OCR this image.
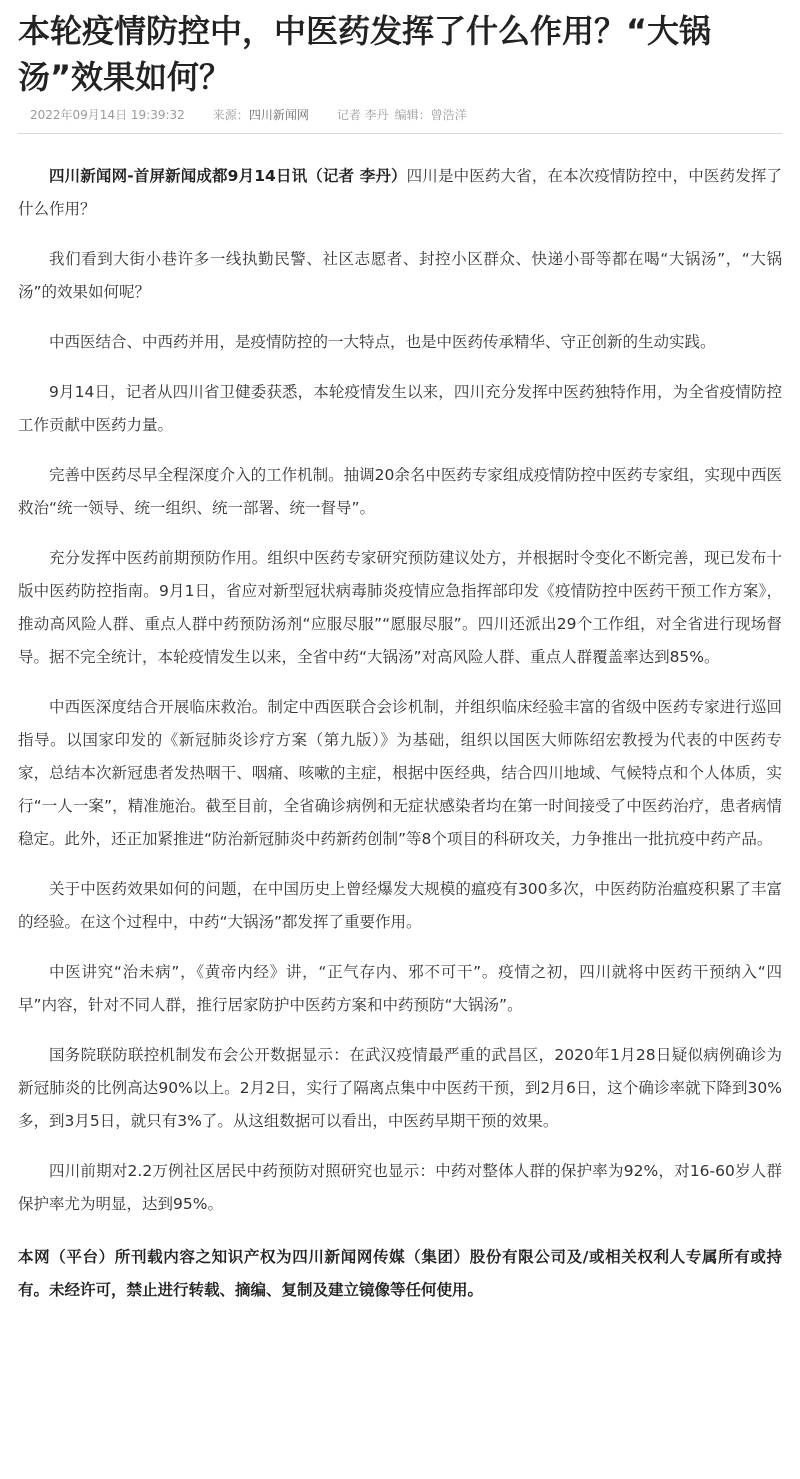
本轮疫情防控中，中医药发挥了什么作用？“大锅汤”效果如何？
2022年09月14日 19:39:32 来源：四川新闻网 记者 李丹 编辑：曾浩洋

四川新闻网-首屏新闻成都9月14日讯（记者 李丹）四川是中医药大省，在本次疫情防控中，中医药发挥了什么作用？

我们看到大街小巷许多一线执勤民警、社区志愿者、封控小区群众、快递小哥等都在喝“大锅汤”，“大锅汤”的效果如何呢？

中西医结合、中西药并用，是疫情防控的一大特点，也是中医药传承精华、守正创新的生动实践。

9月14日，记者从四川省卫健委获悉，本轮疫情发生以来，四川充分发挥中医药独特作用，为全省疫情防控工作贡献中医药力量。

完善中医药尽早全程深度介入的工作机制。抽调20余名中医药专家组成疫情防控中医药专家组，实现中西医救治“统一领导、统一组织、统一部署、统一督导”。

充分发挥中医药前期预防作用。组织中医药专家研究预防建议处方，并根据时令变化不断完善，现已发布十版中医药防控指南。9月1日，省应对新型冠状病毒肺炎疫情应急指挥部印发《疫情防控中医药干预工作方案》，推动高风险人群、重点人群中药预防汤剂“应服尽服”“愿服尽服”。四川还派出29个工作组，对全省进行现场督导。据不完全统计，本轮疫情发生以来，全省中药“大锅汤”对高风险人群、重点人群覆盖率达到85%。

中西医深度结合开展临床救治。制定中西医联合会诊机制，并组织临床经验丰富的省级中医药专家进行巡回指导。以国家印发的《新冠肺炎诊疗方案（第九版）》为基础，组织以国医大师陈绍宏教授为代表的中医药专家，总结本次新冠患者发热咽干、咽痛、咳嗽的主症，根据中医经典，结合四川地域、气候特点和个人体质，实行“一人一案”，精准施治。截至目前，全省确诊病例和无症状感染者均在第一时间接受了中医药治疗，患者病情稳定。此外，还正加紧推进“防治新冠肺炎中药新药创制”等8个项目的科研攻关，力争推出一批抗疫中药产品。

关于中医药效果如何的问题，在中国历史上曾经爆发大规模的瘟疫有300多次，中医药防治瘟疫积累了丰富的经验。在这个过程中，中药“大锅汤”都发挥了重要作用。

中医讲究“治未病”，《黄帝内经》讲，“正气存内、邪不可干”。疫情之初，四川就将中医药干预纳入“四早”内容，针对不同人群，推行居家防护中医药方案和中药预防“大锅汤”。

国务院联防联控机制发布会公开数据显示：在武汉疫情最严重的武昌区，2020年1月28日疑似病例确诊为新冠肺炎的比例高达90%以上。2月2日，实行了隔离点集中中医药干预，到2月6日，这个确诊率就下降到30%多，到3月5日，就只有3%了。从这组数据可以看出，中医药早期干预的效果。

四川前期对2.2万例社区居民中药预防对照研究也显示：中药对整体人群的保护率为92%，对16-60岁人群保护率尤为明显，达到95%。

本网（平台）所刊载内容之知识产权为四川新闻网传媒（集团）股份有限公司及/或相关权利人专属所有或持有。未经许可，禁止进行转载、摘编、复制及建立镜像等任何使用。
